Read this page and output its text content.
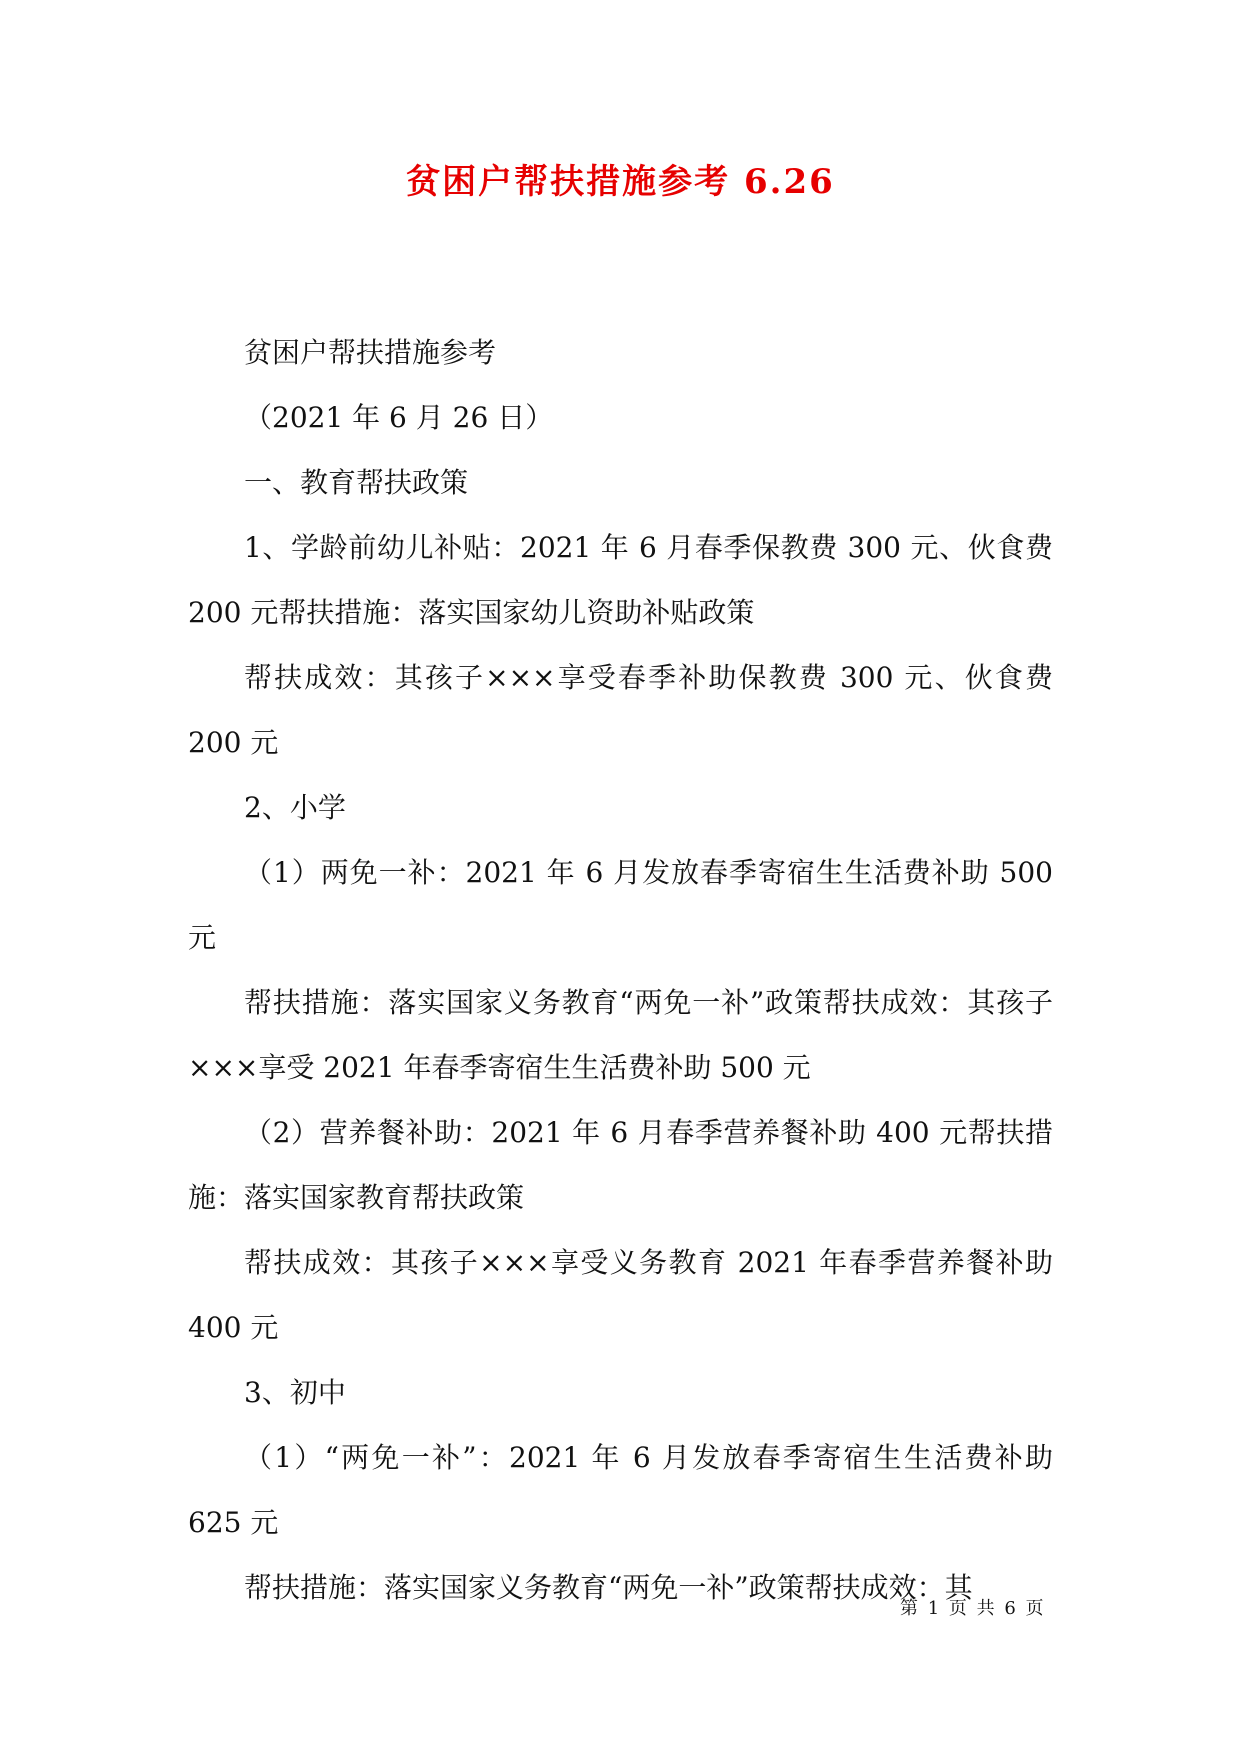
贫困户帮扶措施参考 6.26

贫困户帮扶措施参考

（2021 年 6 月 26 日）

一、教育帮扶政策

1、学龄前幼儿补贴：2021 年 6 月春季保教费 300 元、伙食费 200 元帮扶措施：落实国家幼儿资助补贴政策

帮扶成效：其孩子×××享受春季补助保教费 300 元、伙食费 200 元

2、小学

（1）两免一补：2021 年 6 月发放春季寄宿生生活费补助 500 元

帮扶措施：落实国家义务教育“两免一补”政策帮扶成效：其孩子×××享受 2021 年春季寄宿生生活费补助 500 元

（2）营养餐补助：2021 年 6 月春季营养餐补助 400 元帮扶措施：落实国家教育帮扶政策

帮扶成效：其孩子×××享受义务教育 2021 年春季营养餐补助 400 元

3、初中

（1）“两免一补”：2021 年 6 月发放春季寄宿生生活费补助 625 元

帮扶措施：落实国家义务教育“两免一补”政策帮扶成效：其

第 1 页 共 6 页
